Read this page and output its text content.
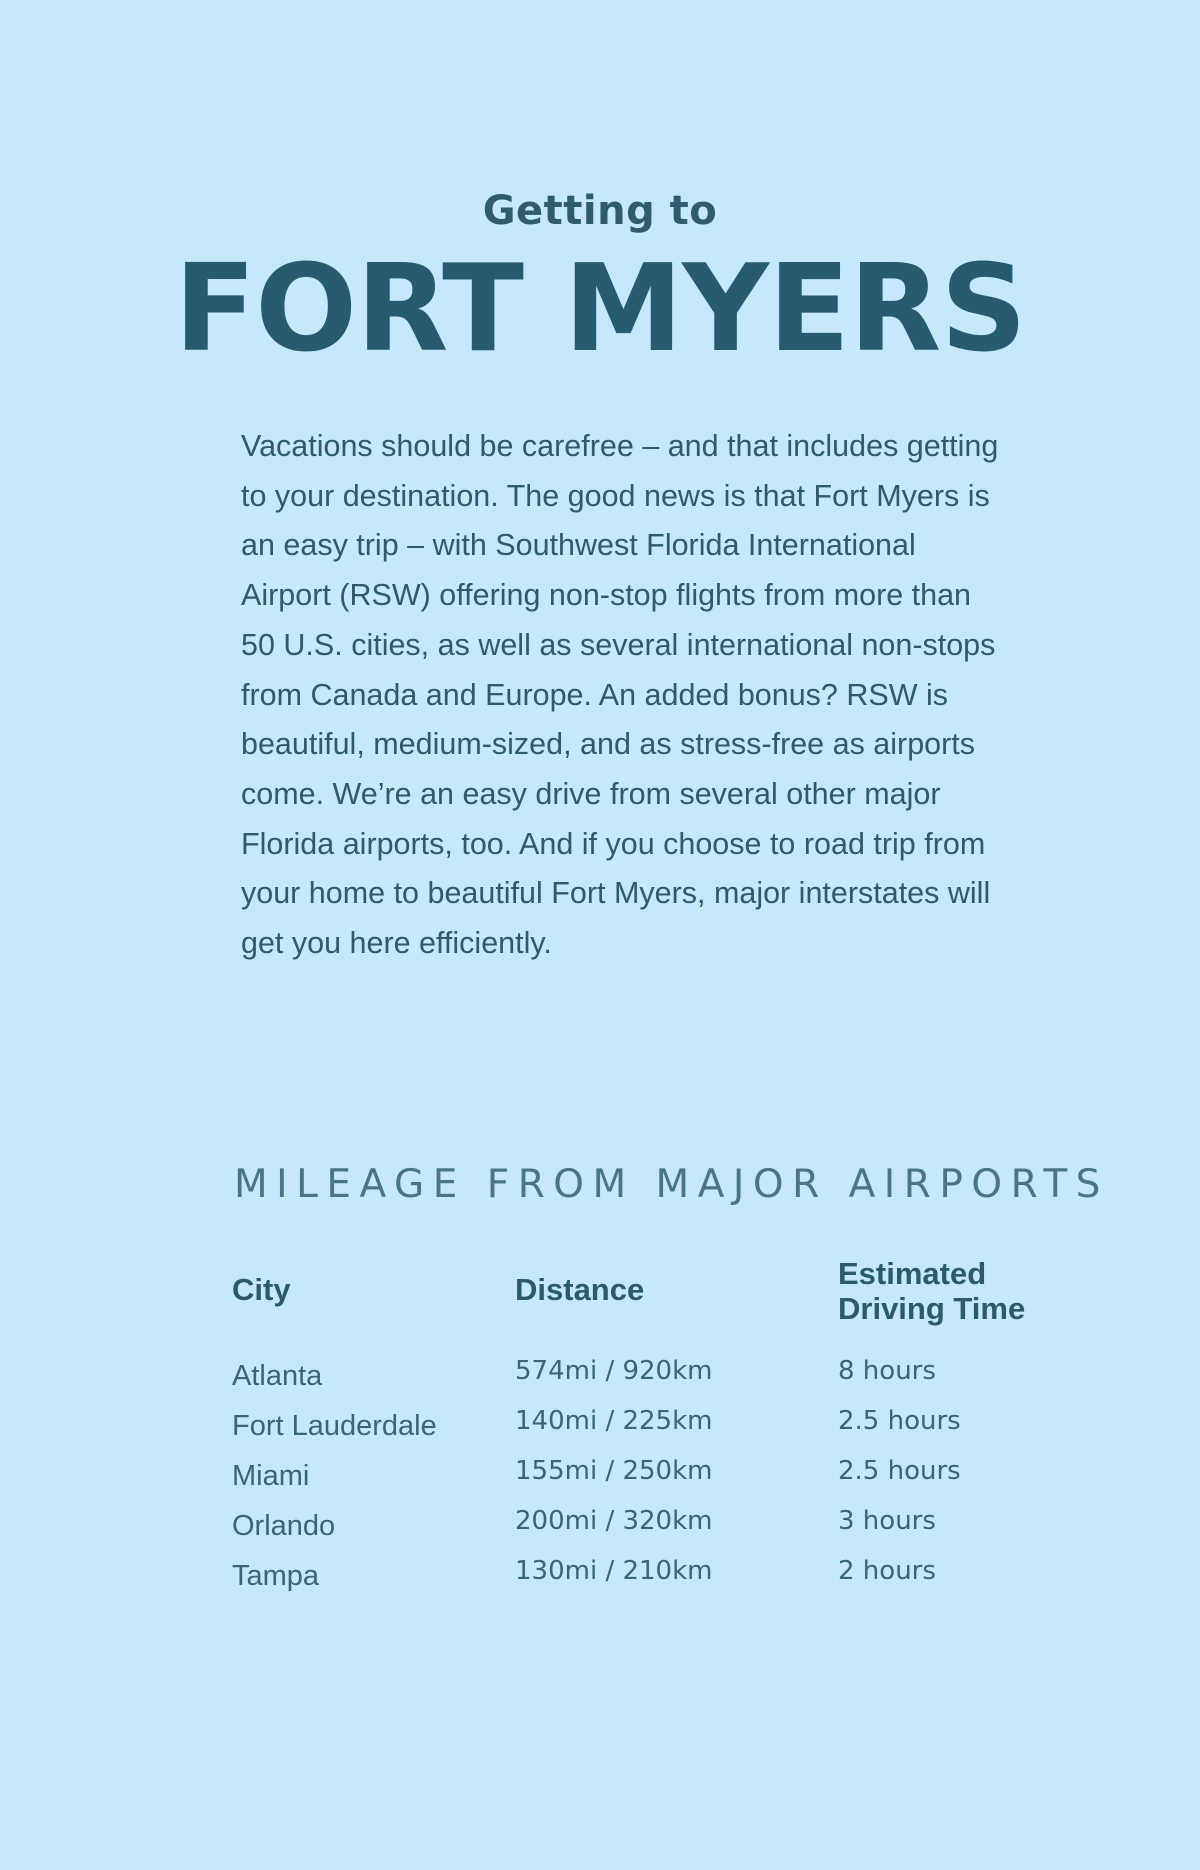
Getting to
FORT MYERS

Vacations should be carefree – and that includes getting to your destination. The good news is that Fort Myers is an easy trip – with Southwest Florida International Airport (RSW) offering non-stop flights from more than 50 U.S. cities, as well as several international non-stops from Canada and Europe. An added bonus? RSW is beautiful, medium-sized, and as stress-free as airports come. We’re an easy drive from several other major Florida airports, too. And if you choose to road trip from your home to beautiful Fort Myers, major interstates will get you here efficiently.

MILEAGE FROM MAJOR AIRPORTS
City	Distance	Estimated Driving Time
Atlanta	574mi / 920km	8 hours
Fort Lauderdale	140mi / 225km	2.5 hours
Miami	155mi / 250km	2.5 hours
Orlando	200mi / 320km	3 hours
Tampa	130mi / 210km	2 hours
